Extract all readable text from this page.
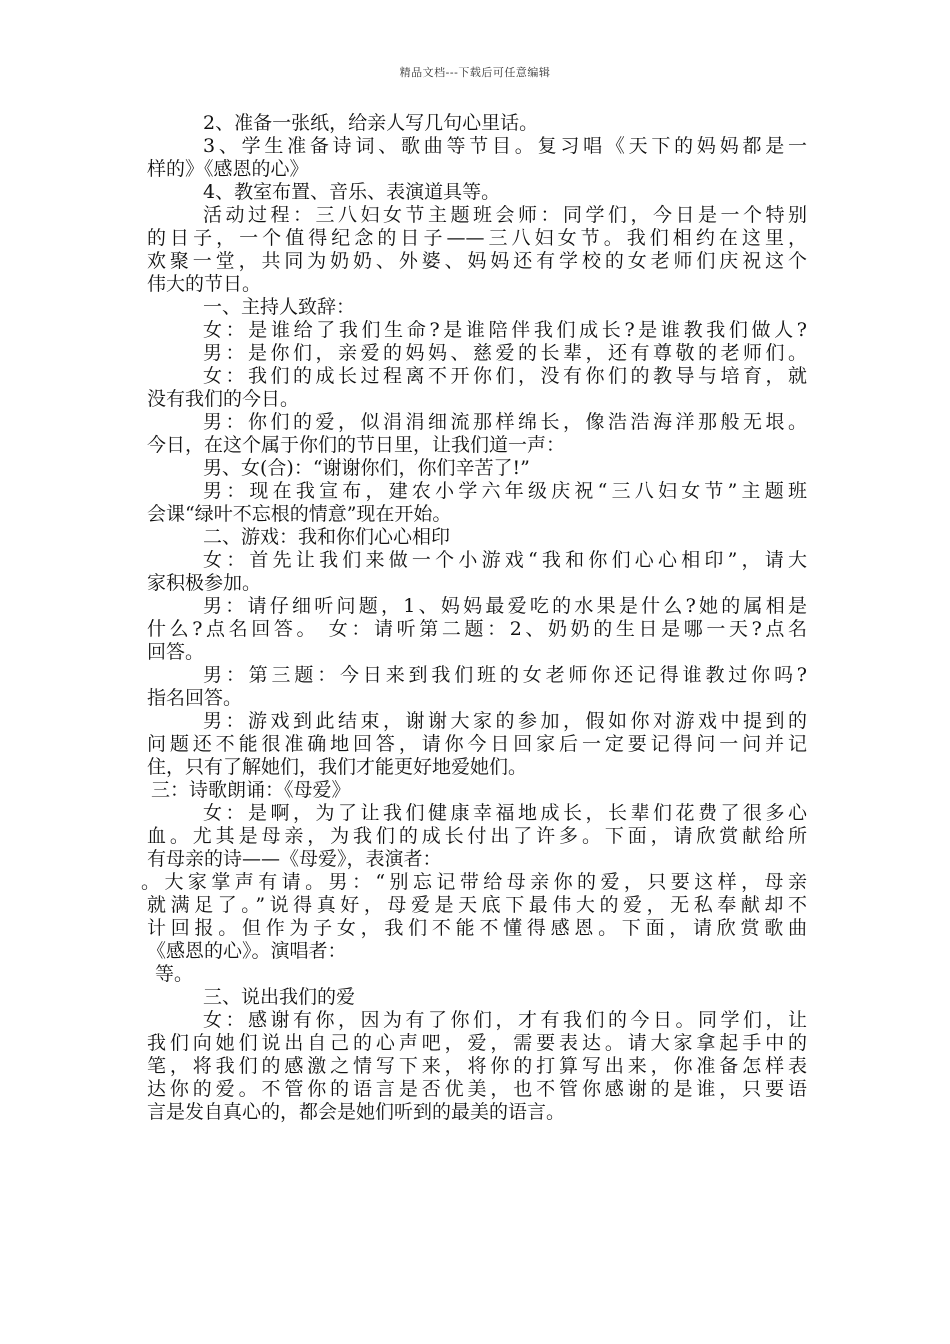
精品文档---下载后可任意编辑
2、准备一张纸，给亲人写几句心里话。
3、学生准备诗词、歌曲等节目。复习唱《天下的妈妈都是一
样的》《感恩的心》
4、教室布置、音乐、表演道具等。
活动过程：三八妇女节主题班会师：同学们，今日是一个特别
的日子，一个值得纪念的日子——三八妇女节。我们相约在这里，
欢聚一堂，共同为奶奶、外婆、妈妈还有学校的女老师们庆祝这个
伟大的节日。
一、主持人致辞：
女：是谁给了我们生命?是谁陪伴我们成长?是谁教我们做人?
男：是你们，亲爱的妈妈、慈爱的长辈，还有尊敬的老师们。
女：我们的成长过程离不开你们，没有你们的教导与培育，就
没有我们的今日。
男：你们的爱，似涓涓细流那样绵长，像浩浩海洋那般无垠。
今日，在这个属于你们的节日里，让我们道一声：
男、女(合)：“谢谢你们，你们辛苦了!”
男：现在我宣布，建农小学六年级庆祝“三八妇女节”主题班
会课“绿叶不忘根的情意”现在开始。
二、游戏：我和你们心心相印
女：首先让我们来做一个小游戏“我和你们心心相印”，请大
家积极参加。
男：请仔细听问题，1、妈妈最爱吃的水果是什么?她的属相是
什么?点名回答。 女：请听第二题：2、奶奶的生日是哪一天?点名
回答。
男：第三题：今日来到我们班的女老师你还记得谁教过你吗?
指名回答。
男：游戏到此结束，谢谢大家的参加，假如你对游戏中提到的
问题还不能很准确地回答，请你今日回家后一定要记得问一问并记
住，只有了解她们，我们才能更好地爱她们。
三：诗歌朗诵：《母爱》
女：是啊，为了让我们健康幸福地成长，长辈们花费了很多心
血。尤其是母亲，为我们的成长付出了许多。下面，请欣赏献给所
有母亲的诗——《母爱》，表演者：
。大家掌声有请。男：“别忘记带给母亲你的爱，只要这样，母亲
就满足了。”说得真好，母爱是天底下最伟大的爱，无私奉献却不
计回报。但作为子女，我们不能不懂得感恩。下面，请欣赏歌曲
《感恩的心》。演唱者：
等。
三、说出我们的爱
女：感谢有你，因为有了你们，才有我们的今日。同学们，让
我们向她们说出自己的心声吧，爱，需要表达。请大家拿起手中的
笔，将我们的感激之情写下来，将你的打算写出来，你准备怎样表
达你的爱。不管你的语言是否优美，也不管你感谢的是谁，只要语
言是发自真心的，都会是她们听到的最美的语言。
